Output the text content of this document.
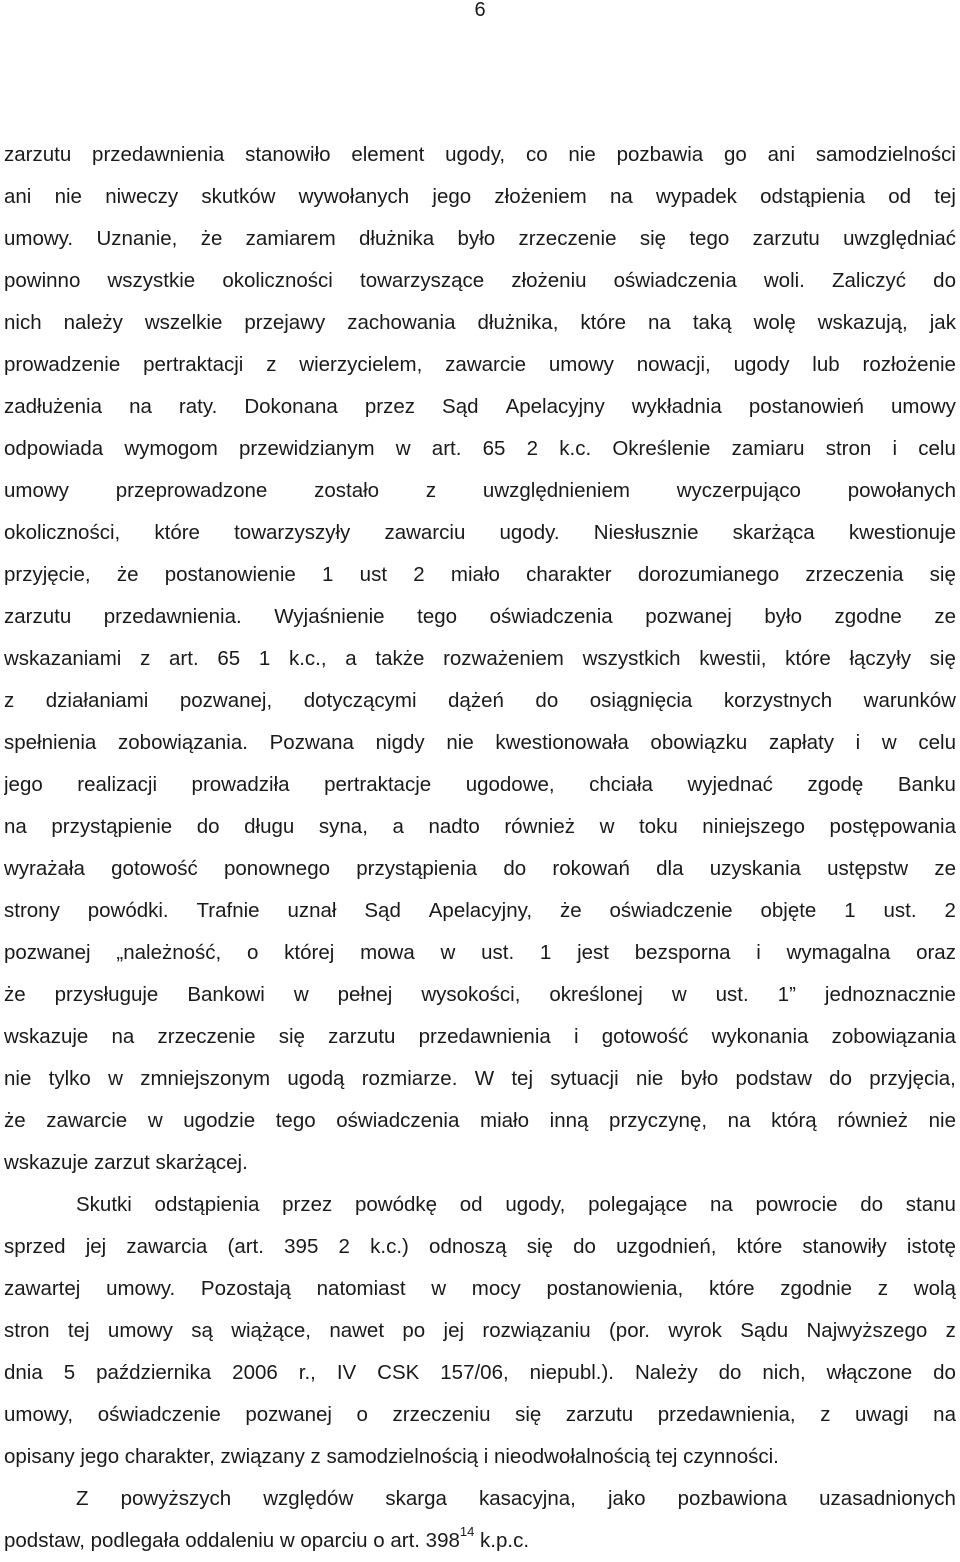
6
zarzutu przedawnienia stanowiło element ugody, co nie pozbawia go ani samodzielności
ani nie niweczy skutków wywołanych jego złożeniem na wypadek odstąpienia od tej
umowy. Uznanie, że zamiarem dłużnika było zrzeczenie się tego zarzutu uwzględniać
powinno wszystkie okoliczności towarzyszące złożeniu oświadczenia woli. Zaliczyć do
nich należy wszelkie przejawy zachowania dłużnika, które na taką wolę wskazują, jak
prowadzenie pertraktacji z wierzycielem, zawarcie umowy nowacji, ugody lub rozłożenie
zadłużenia na raty. Dokonana przez Sąd Apelacyjny wykładnia postanowień umowy
odpowiada wymogom przewidzianym w art. 65 2 k.c. Określenie zamiaru stron i celu
umowy przeprowadzone zostało z uwzględnieniem wyczerpująco powołanych
okoliczności, które towarzyszyły zawarciu ugody. Niesłusznie skarżąca kwestionuje
przyjęcie, że postanowienie 1 ust 2 miało charakter dorozumianego zrzeczenia się
zarzutu przedawnienia. Wyjaśnienie tego oświadczenia pozwanej było zgodne ze
wskazaniami z art. 65 1 k.c., a także rozważeniem wszystkich kwestii, które łączyły się
z działaniami pozwanej, dotyczącymi dążeń do osiągnięcia korzystnych warunków
spełnienia zobowiązania. Pozwana nigdy nie kwestionowała obowiązku zapłaty i w celu
jego realizacji prowadziła pertraktacje ugodowe, chciała wyjednać zgodę Banku
na przystąpienie do długu syna, a nadto również w toku niniejszego postępowania
wyrażała gotowość ponownego przystąpienia do rokowań dla uzyskania ustępstw ze
strony powódki. Trafnie uznał Sąd Apelacyjny, że oświadczenie objęte 1 ust. 2
pozwanej „należność, o której mowa w ust. 1 jest bezsporna i wymagalna oraz
że przysługuje Bankowi w pełnej wysokości, określonej w ust. 1” jednoznacznie
wskazuje na zrzeczenie się zarzutu przedawnienia i gotowość wykonania zobowiązania
nie tylko w zmniejszonym ugodą rozmiarze. W tej sytuacji nie było podstaw do przyjęcia,
że zawarcie w ugodzie tego oświadczenia miało inną przyczynę, na którą również nie
wskazuje zarzut skarżącej.
Skutki odstąpienia przez powódkę od ugody, polegające na powrocie do stanu
sprzed jej zawarcia (art. 395 2 k.c.) odnoszą się do uzgodnień, które stanowiły istotę
zawartej umowy. Pozostają natomiast w mocy postanowienia, które zgodnie z wolą
stron tej umowy są wiążące, nawet po jej rozwiązaniu (por. wyrok Sądu Najwyższego z
dnia 5 października 2006 r., IV CSK 157/06, niepubl.). Należy do nich, włączone do
umowy, oświadczenie pozwanej o zrzeczeniu się zarzutu przedawnienia, z uwagi na
opisany jego charakter, związany z samodzielnością i nieodwołalnością tej czynności.
Z powyższych względów skarga kasacyjna, jako pozbawiona uzasadnionych
podstaw, podlegała oddaleniu w oparciu o art. 398$^{14}$ k.p.c.
